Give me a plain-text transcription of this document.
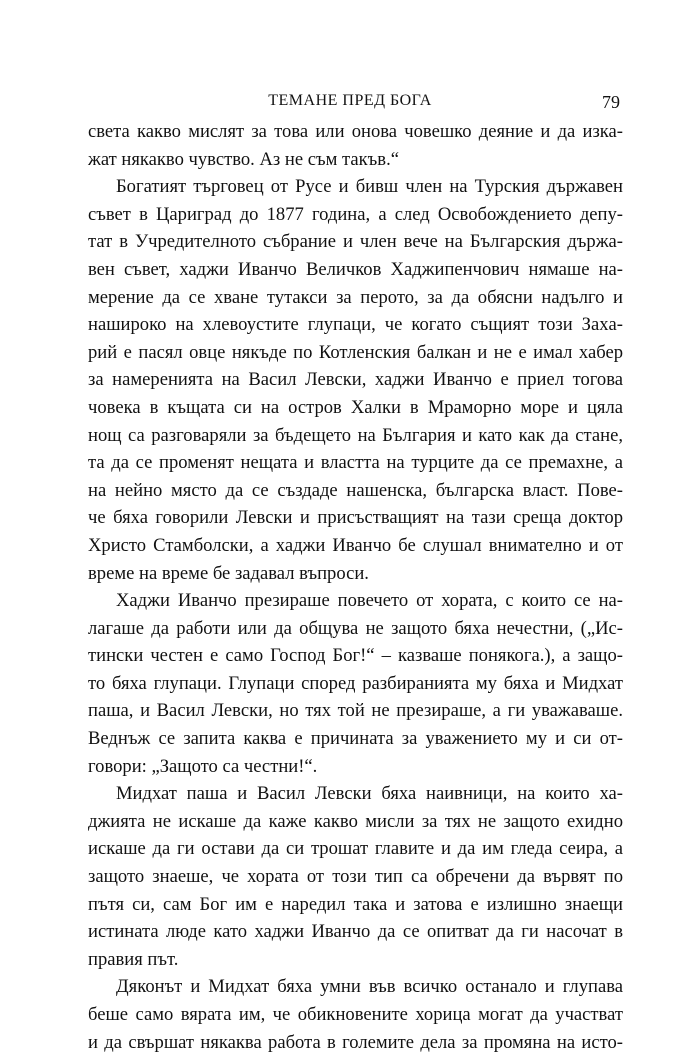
ТЕМАНЕ ПРЕД БОГА	79
света какво мислят за това или онова човешко деяние и да изка-
жат някакво чувство. Аз не съм такъв.“
Богатият търговец от Русе и бивш член на Турския държавен
съвет в Цариград до 1877 година, а след Освобождението депу-
тат в Учредителното събрание и член вече на Българския държа-
вен съвет, хаджи Иванчо Величков Хаджипенчович нямаше на-
мерение да се хване тутакси за перото, за да обясни надълго и
нашироко на хлевоустите глупаци, че когато същият този Захa-
рий е пасял овце някъде по Котленския балкан и не е имал хабер
за намеренията на Васил Левски, хаджи Иванчо е приел тогова
човека в къщата си на остров Халки в Мраморно море и цяла
нощ са разговаряли за бъдещето на България и като как да стане,
та да се променят нещата и властта на турците да се премахне, а
на нейно място да се създаде нашенска, българска власт. Пове-
че бяха говорили Левски и присъстващият на тази среща доктор
Христо Стамболски, а хаджи Иванчо бе слушал внимателно и от
време на време бе задавал въпроси.
Хаджи Иванчо презираше повечето от хората, с които се на-
лагаше да работи или да общува не защото бяха нечестни, („Ис-
тински честен е само Господ Бог!“ – казваше понякога.), а защо-
то бяха глупаци. Глупаци според разбиранията му бяха и Мидхат
паша, и Васил Левски, но тях той не презираше, а ги уважаваше.
Веднъж се запита каква е причината за уважението му и си от-
говори: „Защото са честни!“.
Мидхат паша и Васил Левски бяха наивници, на които ха-
джията не искаше да каже какво мисли за тях не защото ехидно
искаше да ги остави да си трошат главите и да им гледа сеира, а
защото знаеше, че хората от този тип са обречени да вървят по
пътя си, сам Бог им е наредил така и затова е излишно знаещи
истината люде като хаджи Иванчо да се опитват да ги насочат в
правия път.
Дяконът и Мидхат бяха умни във всичко останало и глупава
беше само вярата им, че обикновените хорица могат да участват
и да свършат някаква работа в големите дела за промяна на исто-
